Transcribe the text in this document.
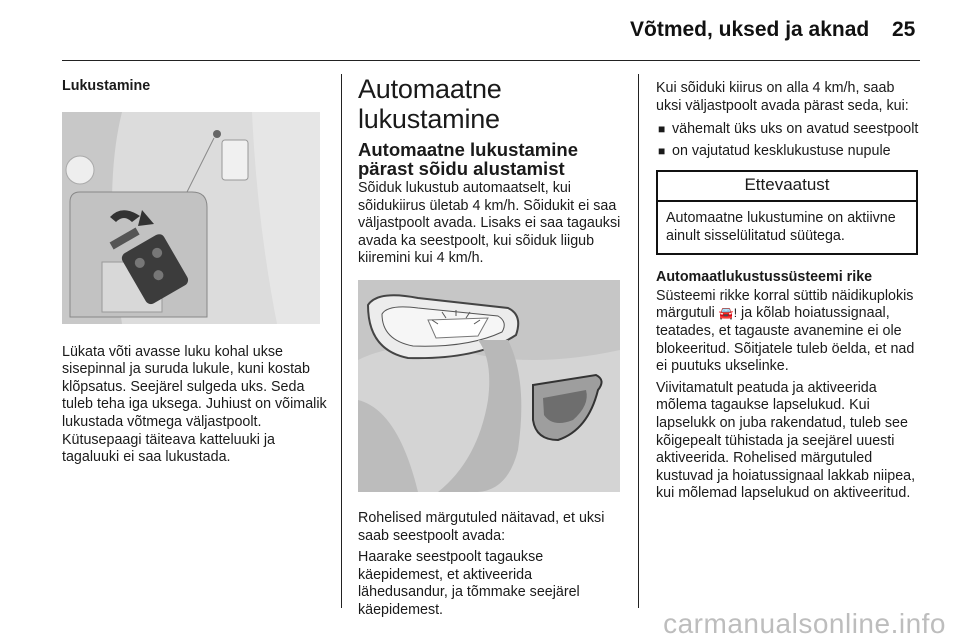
Võtmed, uksed ja aknad 25
Lukustamine

Lükata võti avasse luku kohal ukse sisepinnal ja suruda lukule, kuni kostab klõpsatus. Seejärel sulgeda uks. Seda tuleb teha iga uksega. Juhiust on võimalik lukustada võtmega väljastpoolt. Kütusepaagi täiteava katteluuki ja tagaluuki ei saa lukustada.

Automaatne lukustamine
Automaatne lukustamine pärast sõidu alustamist

Sõiduk lukustub automaatselt, kui sõidukiirus ületab 4 km/h. Sõidukit ei saa väljastpoolt avada. Lisaks ei saa tagauksi avada ka seestpoolt, kui sõiduk liigub kiiremini kui 4 km/h.

Rohelised märgutuled näitavad, et uksi saab seestpoolt avada:

Haarake seestpoolt tagaukse käepidemest, et aktiveerida lähedusandur, ja tõmmake seejärel käepidemest.

Kui sõiduki kiirus on alla 4 km/h, saab uksi väljastpoolt avada pärast seda, kui:

■ vähemalt üks uks on avatud seestpoolt
■ on vajutatud kesklukustuse nupule
Ettevaatust
Automaatne lukustumine on aktiivne ainult sisselülitatud süütega.
Automaatlukustussüsteemi rike

Süsteemi rikke korral süttib näidikuplokis märgutuli 🚘! ja kõlab hoiatussignaal, teatades, et tagauste avanemine ei ole blokeeritud. Sõitjatele tuleb öelda, et nad ei puutuks ukselinke.

Viivitamatult peatuda ja aktiveerida mõlema tagaukse lapselukud. Kui lapselukk on juba rakendatud, tuleb see kõigepealt tühistada ja seejärel uuesti aktiveerida. Rohelised märgutuled kustuvad ja hoiatussignaal lakkab niipea, kui mõlemad lapselukud on aktiveeritud.

carmanualsonline.info
